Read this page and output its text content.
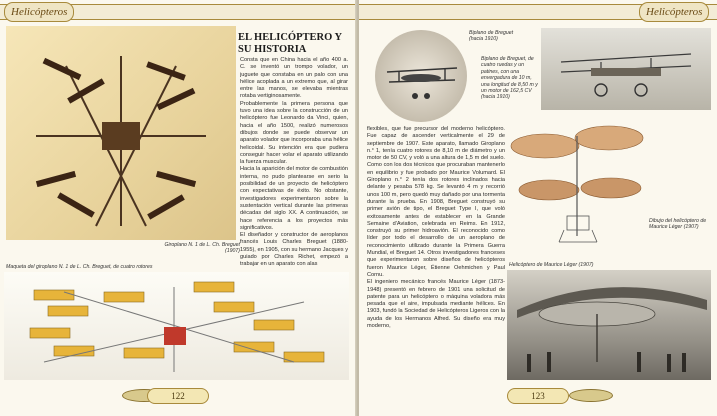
Helicópteros
Giroplano N. 1 de L. Ch. Breguet (1907)
EL HELICÓPTERO Y
SU HISTORIA
Consta que en China hacia el año 400 a. C. se inventó un trompo volador, un juguete que constaba en un palo con una hélice acoplada a un extremo que, al girar entre las manos, se elevaba mientras rotaba vertiginosamente.
Probablemente la primera persona que tuvo una idea sobre la construcción de un helicóptero fue Leonardo da Vinci, quien, hacia el año 1500, realizó numerosos dibujos donde se puede observar un aparato volador que incorporaba una hélice helicoidal. Su intención era que pudiera conseguir hacer volar el aparato utilizando la fuerza muscular.
Hacia la aparición del motor de combustión interna, no pudo plantearse en serio la posibilidad de un proyecto de helicóptero con expectativas de éxito. No obstante, investigadores experimentaron sobre la sustentación vertical durante las primeras décadas del siglo XX. A continuación, se hace referencia a los proyectos más significativos.
El diseñador y constructor de aeroplanos francés Louis Charles Breguet (1880-1955), en 1905, con su hermano Jacques y guiado por Charles Richet, empezó a trabajar en un aparato con alas
Maqueta del giroplano N. 1 de L. Ch. Breguet, de cuatro rotores
122
Helicópteros
Biplano de Breguet (hacia 1910)
Biplano de Breguet, de cuatro ruedas y un patines, con una envergadura de 10 m, una longitud de 8,50 m y un motor de 162,5 CV (hacia 1910)
Dibujo del helicóptero de Maurice Léger (1907)
flexibles, que fue precursor del moderno helicóptero. Fue capaz de ascender verticalmente el 29 de septiembre de 1907. Este aparato, llamado Giroplano n.° 1, tenía cuatro rotores de 8,10 m de diámetro y un motor de 50 CV, y voló a una altura de 1,5 m del suelo. Como con los dos técnicos que procuraban mantenerlo en equilibrio y fue probado por Maurice Volumard. El Giroplano n.° 2 tenía dos rotores inclinados hacia delante y pesaba 578 kg. Se levantó 4 m y recorrió unos 100 m, pero quedó muy dañado por una tormenta durante la prueba. En 1908, Breguet construyó su primer avión de tipo, el Breguet Type I, que voló exitosamente antes de establecer en la Grande Semaine d'Aviation, celebrada en Reims. En 1912, construyó su primer hidroavión. El reconocido como líder por todo el desarrollo de un aeroplano de reconocimiento utilizado durante la Primera Guerra Mundial, el Breguet 14. Otros investigadores franceses que experimentaron sobre diseños de helicópteros fueron Maurice Léger, Étienne Oehmichen y Paul Cornu.
El ingeniero mecánico francés Maurice Léger (1873-1948) presentó en febrero de 1901 una solicitud de patente para un helicóptero o máquina voladora más pesada que el aire, impulsada mediante hélices. En 1903, fundó la Sociedad de Helicópteros Ligeros con la ayuda de los Hermanos Alfred. Su diseño era muy moderno,
Helicóptero de Maurice Léger (1907)
123
